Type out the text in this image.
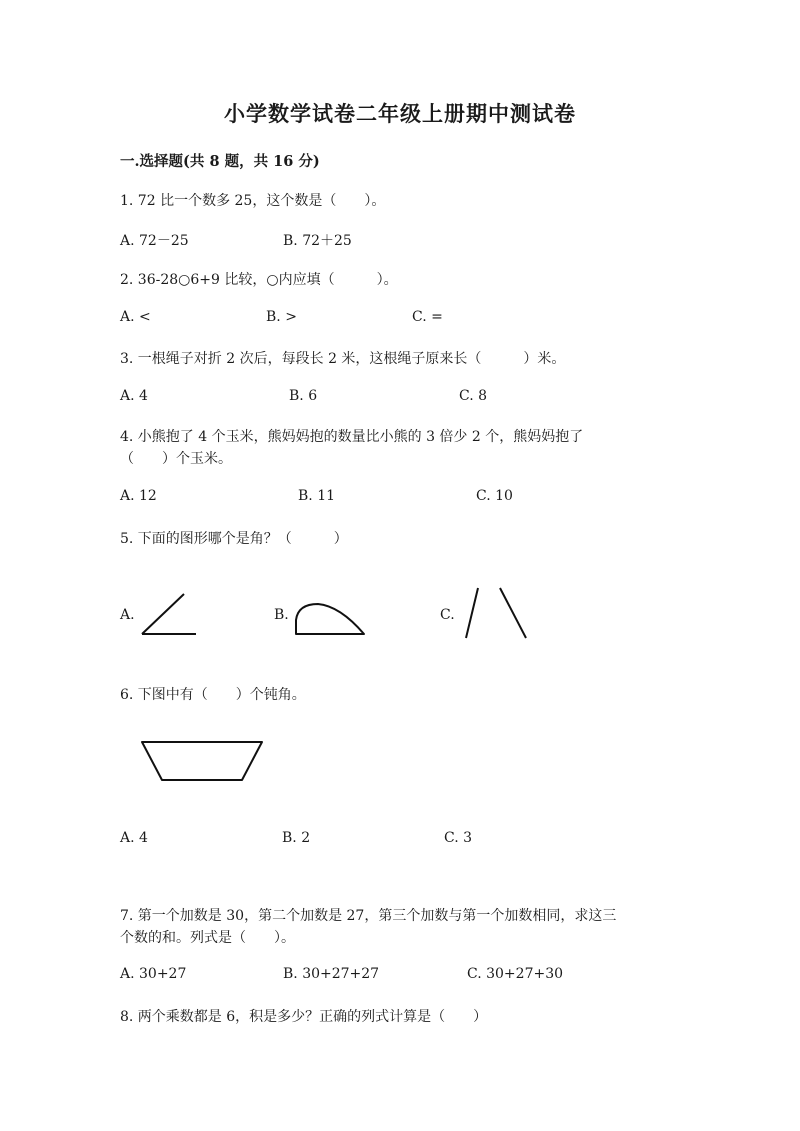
小学数学试卷二年级上册期中测试卷
一.选择题(共 8 题，共 16 分)
1. 72 比一个数多 25，这个数是（　　）。
A. 72－25	B. 72＋25
2. 36-28○6+9 比较，○内应填（　　　）。
A. <	B. >	C. =
3. 一根绳子对折 2 次后，每段长 2 米，这根绳子原来长（　　　）米。
A. 4	B. 6	C. 8
4. 小熊抱了 4 个玉米，熊妈妈抱的数量比小熊的 3 倍少 2 个，熊妈妈抱了
（　　）个玉米。
A. 12	B. 11	C. 10
5. 下面的图形哪个是角？（　　　）
A.	B.	C.
6. 下图中有（　　）个钝角。
A. 4	B. 2	C. 3
7. 第一个加数是 30，第二个加数是 27，第三个加数与第一个加数相同，求这三
个数的和。列式是（　　）。
A. 30+27	B. 30+27+27	C. 30+27+30
8. 两个乘数都是 6，积是多少？正确的列式计算是（　　）
